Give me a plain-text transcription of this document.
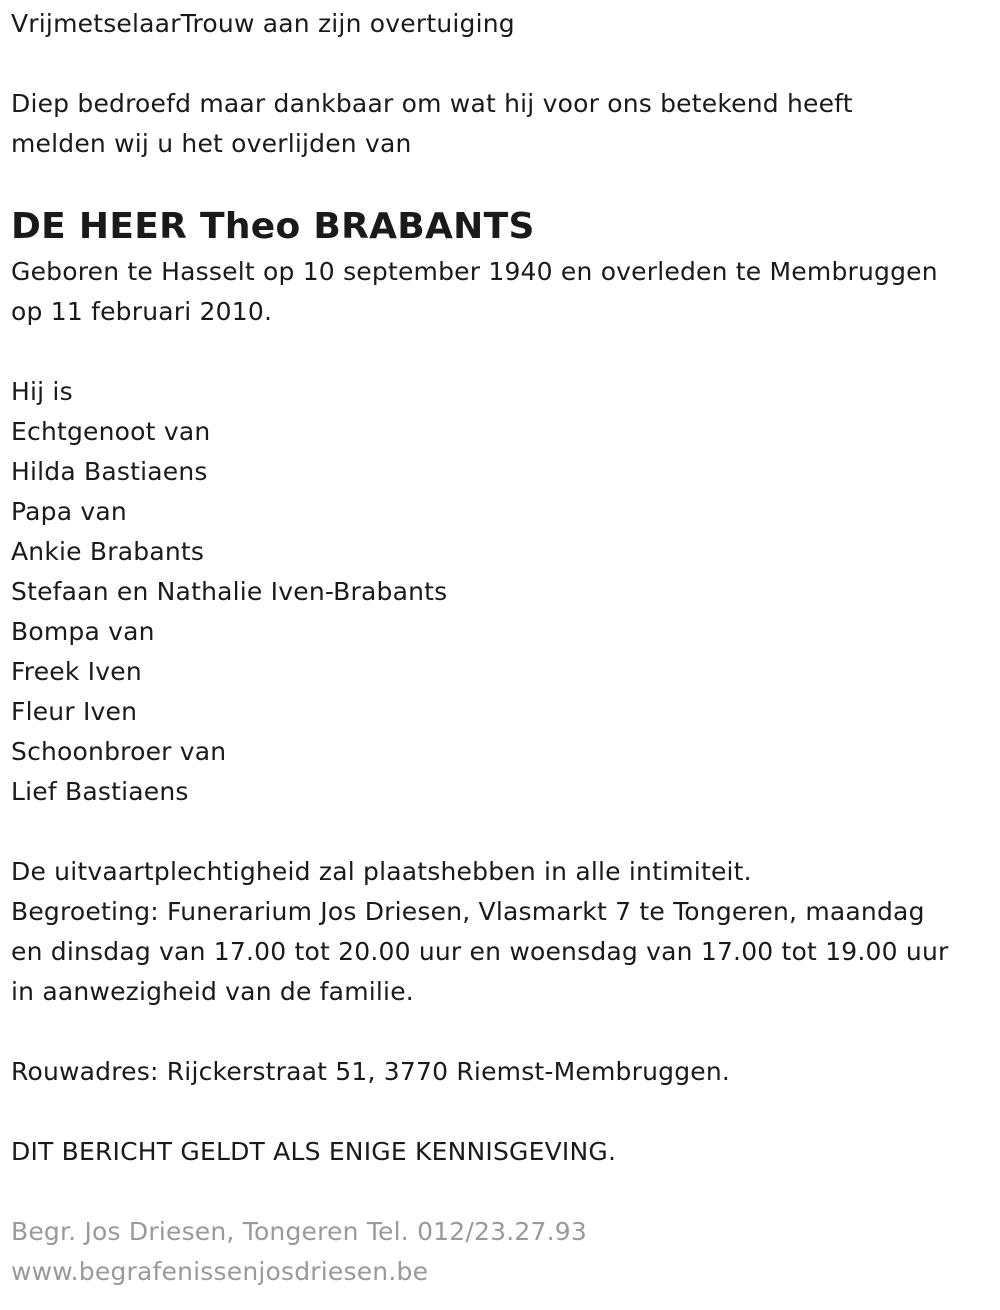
VrijmetselaarTrouw aan zijn overtuiging
Diep bedroefd maar dankbaar om wat hij voor ons betekend heeft
melden wij u het overlijden van
DE HEER Theo BRABANTS
Geboren te Hasselt op 10 september 1940 en overleden te Membruggen
op 11 februari 2010.
Hij is
Echtgenoot van
Hilda Bastiaens
Papa van
Ankie Brabants
Stefaan en Nathalie Iven-Brabants
Bompa van
Freek Iven
Fleur Iven
Schoonbroer van
Lief Bastiaens
De uitvaartplechtigheid zal plaatshebben in alle intimiteit.
Begroeting: Funerarium Jos Driesen, Vlasmarkt 7 te Tongeren, maandag
en dinsdag van 17.00 tot 20.00 uur en woensdag van 17.00 tot 19.00 uur
in aanwezigheid van de familie.
Rouwadres: Rijckerstraat 51, 3770 Riemst-Membruggen.
DIT BERICHT GELDT ALS ENIGE KENNISGEVING.
Begr. Jos Driesen, Tongeren Tel. 012/23.27.93
www.begrafenissenjosdriesen.be
